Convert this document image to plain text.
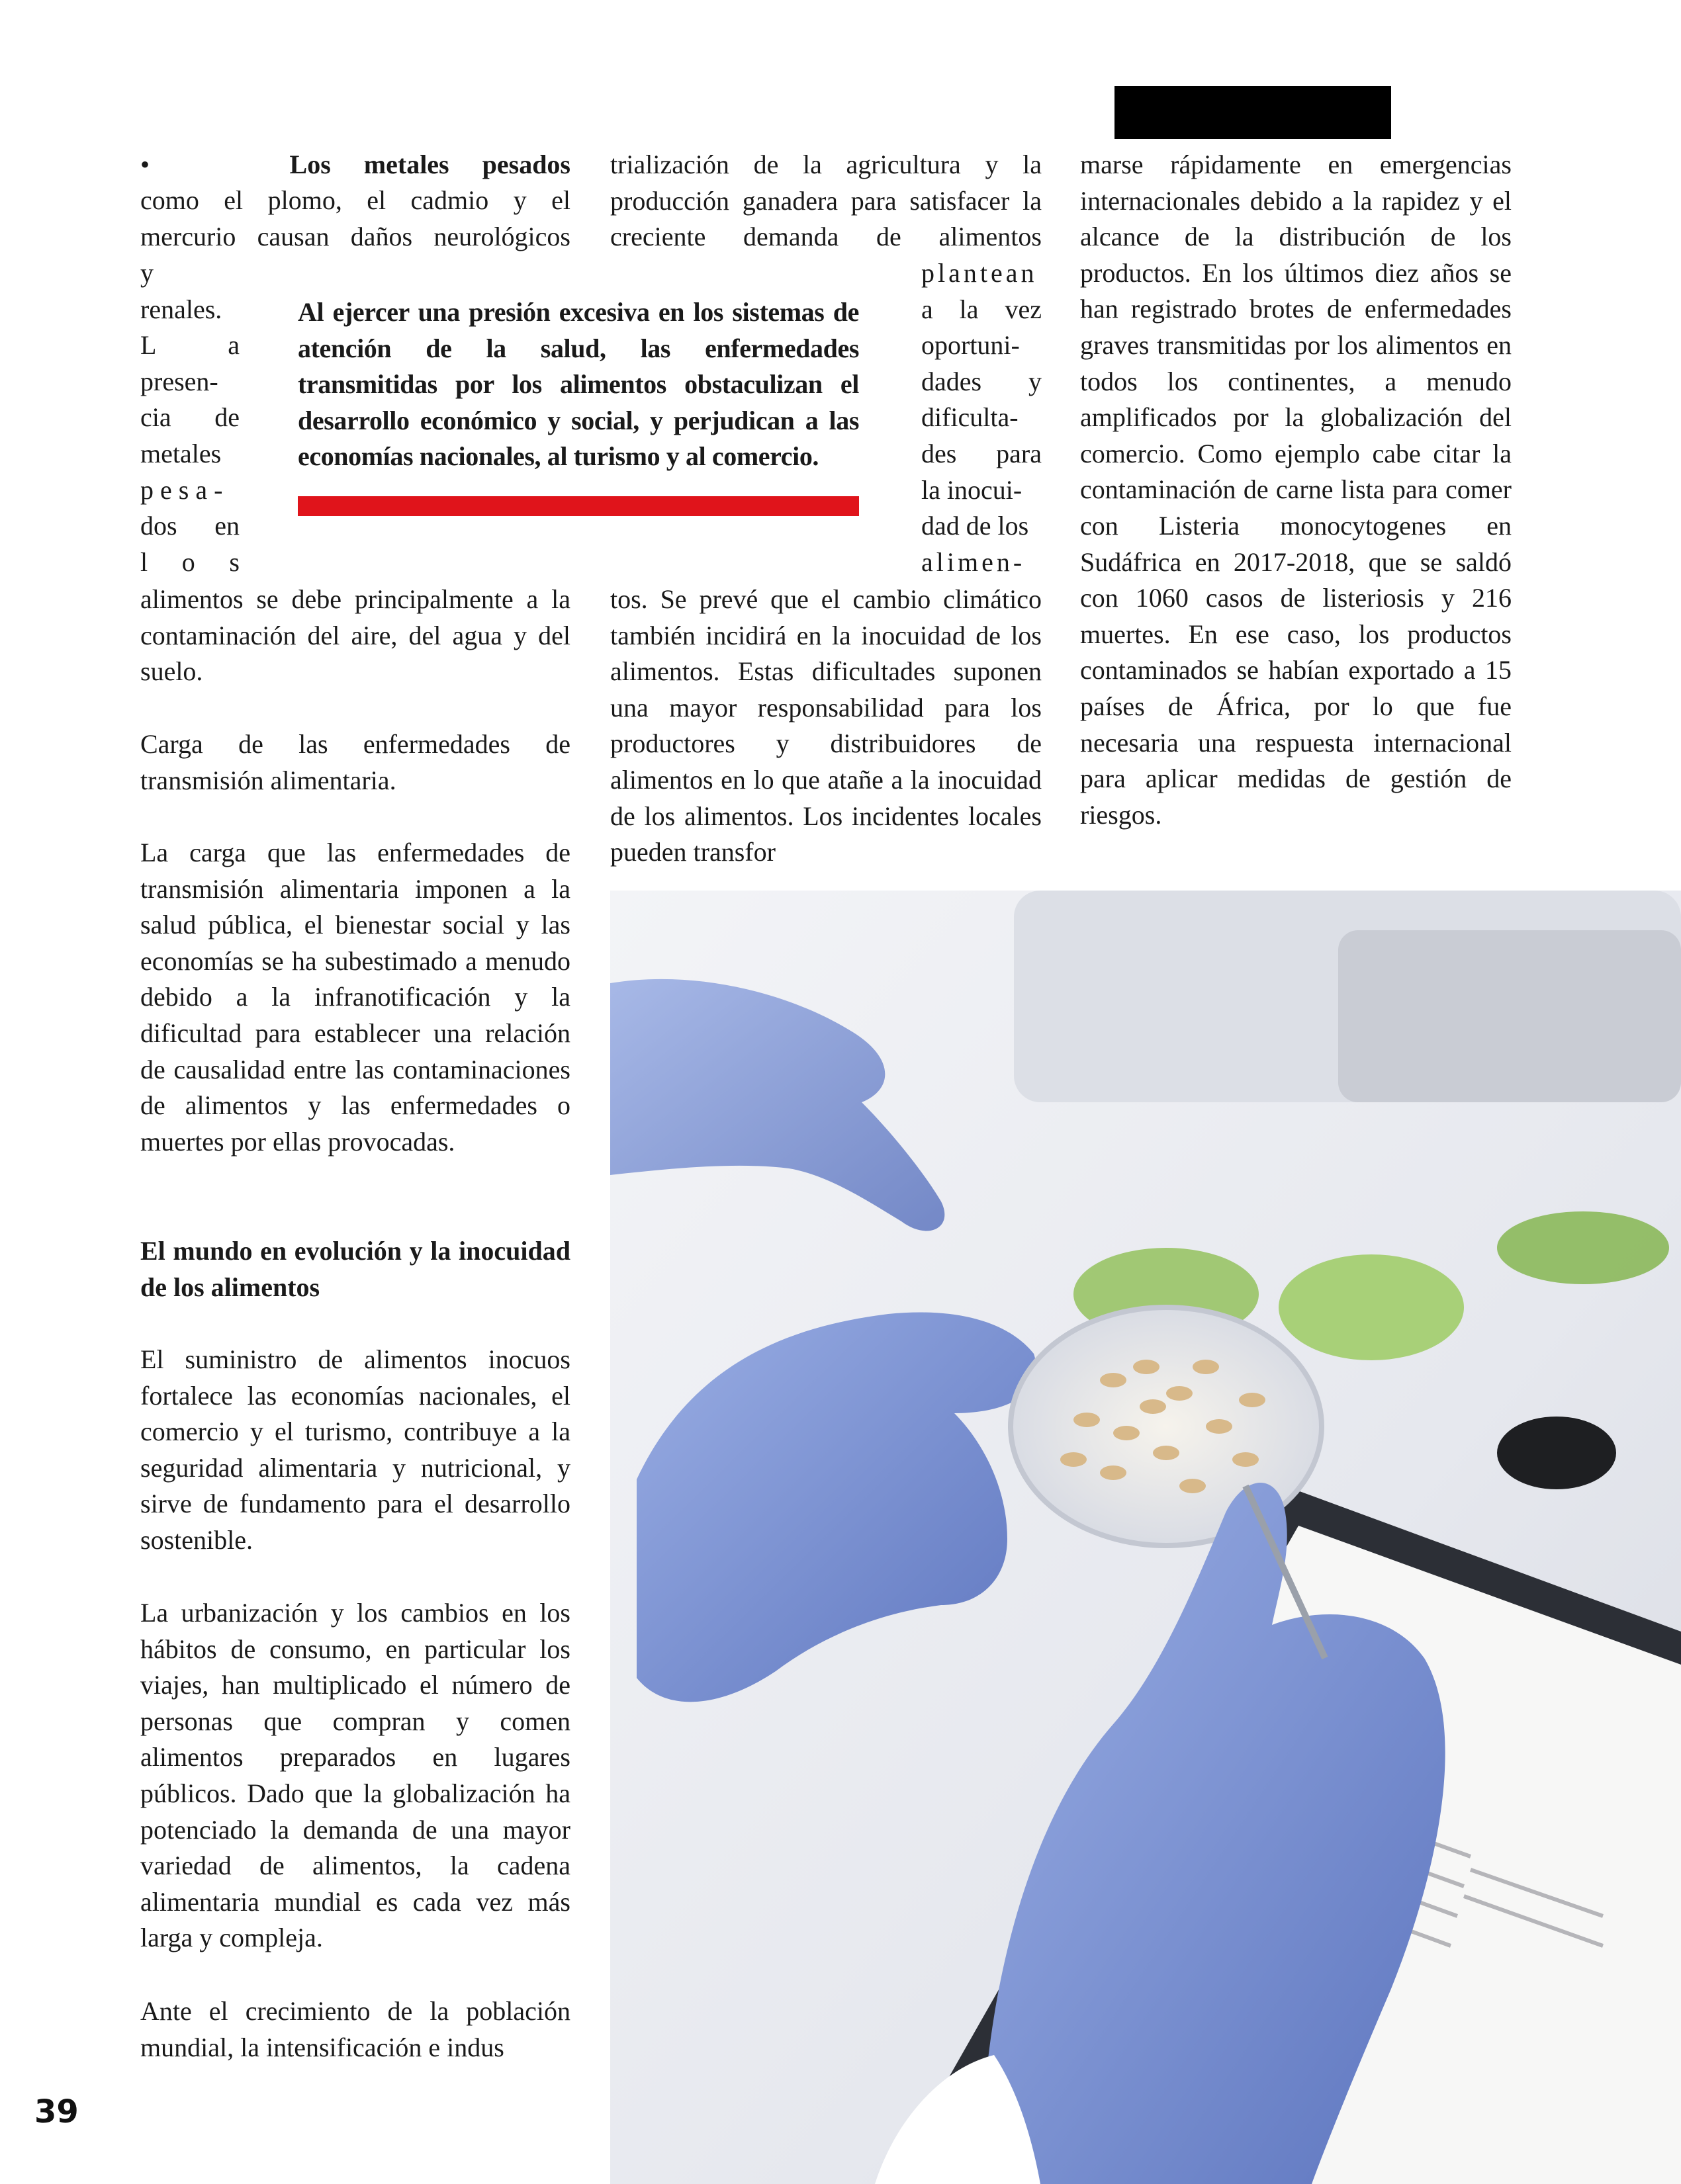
•	Los metales pesados

como el plomo, el cadmio y el

mercurio causan daños neurológicos

y
renales.
L a
presen-
cia de
metales
p e s a -
dos en
l o s

alimentos se debe principalmente a la contaminación del aire, del agua y del suelo.

Carga de las enfermedades de transmisión alimentaria.

La carga que las enfermedades de transmisión alimentaria imponen a la salud pública, el bienestar social y las economías se ha subestimado a menudo debido a la infranotificación y la dificultad para establecer una relación de causalidad entre las contaminaciones de alimentos y las enfermedades o muertes por ellas provocadas.

El mundo en evolución y la inocuidad de los alimentos

El suministro de alimentos inocuos fortalece las economías nacionales, el comercio y el turismo, contribuye a la seguridad alimentaria y nutricional, y sirve de fundamento para el desarrollo sostenible.

La urbanización y los cambios en los hábitos de consumo, en particular los viajes, han multiplicado el número de personas que compran y comen alimentos preparados en lugares públicos. Dado que la globalización ha potenciado la demanda de una mayor variedad de alimentos, la cadena alimentaria mundial es cada vez más larga y compleja.

Ante el crecimiento de la población mundial, la intensificación e indus

Al ejercer una presión excesiva en los sistemas de atención de la salud, las enfermedades transmitidas por los alimentos obstaculizan el desarrollo económico y social, y perjudican a las economías nacionales, al turismo y al comercio.

trialización de la agricultura y la producción ganadera para satisfacer la creciente demanda de alimentos

plantean
a la vez
oportuni-
dades y
dificulta-
des para
la inocui-
dad de los
alimen-

tos. Se prevé que el cambio climático también incidirá en la inocuidad de los alimentos. Estas dificultades suponen una mayor responsabilidad para los productores y distribuidores de alimentos en lo que atañe a la inocuidad de los alimentos. Los incidentes locales pueden transfor

marse rápidamente en emergencias internacionales debido a la rapidez y el alcance de la distribución de los productos. En los últimos diez años se han registrado brotes de enfermedades graves transmitidas por los alimentos en todos los continentes, a menudo amplificados por la globalización del comercio. Como ejemplo cabe citar la contaminación de carne lista para comer con Listeria monocytogenes en Sudáfrica en 2017-2018, que se saldó con 1060 casos de listeriosis y 216 muertes. En ese caso, los productos contaminados se habían exportado a 15 países de África, por lo que fue necesaria una respuesta internacional para aplicar medidas de gestión de riesgos.

39
